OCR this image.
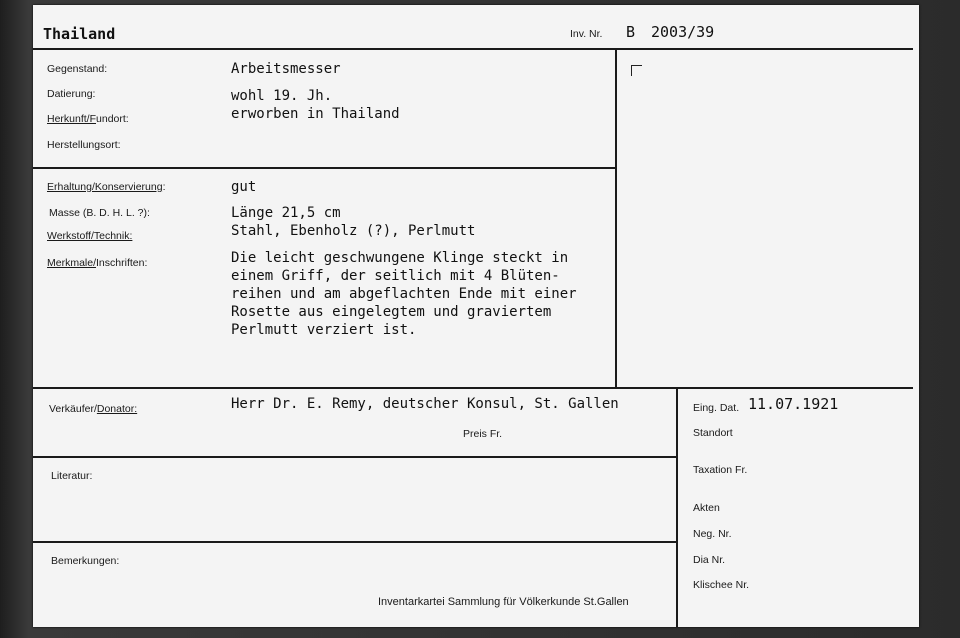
Thailand	Inv. Nr. B 2003/39
Gegenstand:	Arbeitsmesser
Datierung:	wohl 19. Jh.
Herkunft/Fundort:	erworben in Thailand
Herstellungsort:
Erhaltung/Konservierung:	gut
Masse (B. D. H. L. ?):	Länge 21,5 cm
Werkstoff/Technik:	Stahl, Ebenholz (?), Perlmutt
Merkmale/Inschriften:	Die leicht geschwungene Klinge steckt in
einem Griff, der seitlich mit 4 Blüten-
reihen und am abgeflachten Ende mit einer
Rosette aus eingelegtem und graviertem
Perlmutt verziert ist.
Verkäufer/Donator:	Herr Dr. E. Remy, deutscher Konsul, St. Gallen
Preis Fr.
Literatur:
Bemerkungen:
Inventarkartei Sammlung für Völkerkunde St.Gallen
Eing. Dat. 11.07.1921
Standort
Taxation Fr.
Akten
Neg. Nr.
Dia Nr.
Klischee Nr.
